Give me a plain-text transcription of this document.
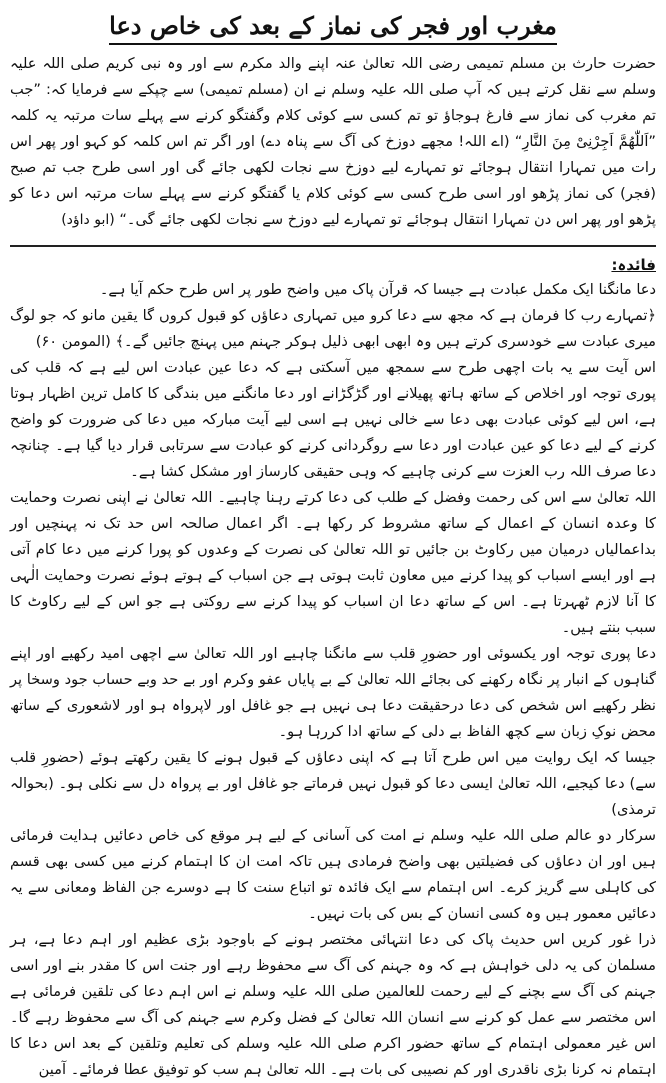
مغرب اور فجر کی نماز کے بعد کی خاص دعا

حضرت حارث بن مسلم تمیمی رضی اللہ تعالیٰ عنہ اپنے والد مکرم سے اور وہ نبی کریم صلی اللہ علیہ وسلم سے نقل کرتے ہیں کہ آپ صلی اللہ علیہ وسلم نے ان (مسلم تمیمی) سے چپکے سے فرمایا کہ: ”جب تم مغرب کی نماز سے فارغ ہوجاؤ تو تم کسی سے کوئی کلام وگفتگو کرنے سے پہلے سات مرتبہ یہ کلمہ ”اَللّٰھُمَّ اَجِرْنِیْ مِنَ النَّارِ“ (اے اللہ! مجھے دوزخ کی آگ سے پناہ دے) اور اگر تم اس کلمہ کو کہو اور پھر اس رات میں تمہارا انتقال ہوجائے تو تمہارے لیے دوزخ سے نجات لکھی جائے گی اور اسی طرح جب تم صبح (فجر) کی نماز پڑھو اور اسی طرح کسی سے کوئی کلام یا گفتگو کرنے سے پہلے سات مرتبہ اس دعا کو پڑھو اور پھر اس دن تمہارا انتقال ہوجائے تو تمہارے لیے دوزخ سے نجات لکھی جائے گی۔“ (ابو داؤد)

فائدہ:

دعا مانگنا ایک مکمل عبادت ہے جیسا کہ قرآن پاک میں واضح طور پر اس طرح حکم آیا ہے۔

﴿تمہارے رب کا فرمان ہے کہ مجھ سے دعا کرو میں تمہاری دعاؤں کو قبول کروں گا یقین مانو کہ جو لوگ میری عبادت سے خودسری کرتے ہیں وہ ابھی ابھی ذلیل ہوکر جہنم میں پہنچ جائیں گے۔﴾ (المومن ۶۰)

اس آیت سے یہ بات اچھی طرح سے سمجھ میں آسکتی ہے کہ دعا عین عبادت اس لیے ہے کہ قلب کی پوری توجہ اور اخلاص کے ساتھ ہاتھ پھیلانے اور گڑگڑانے اور دعا مانگنے میں بندگی کا کامل ترین اظہار ہوتا ہے، اس لیے کوئی عبادت بھی دعا سے خالی نہیں ہے اسی لیے آیت مبارکہ میں دعا کی ضرورت کو واضح کرنے کے لیے دعا کو عین عبادت اور دعا سے روگردانی کرنے کو عبادت سے سرتابی قرار دیا گیا ہے۔ چنانچہ دعا صرف اللہ رب العزت سے کرنی چاہیے کہ وہی حقیقی کارساز اور مشکل کشا ہے۔

اللہ تعالیٰ سے اس کی رحمت وفضل کے طلب کی دعا کرتے رہنا چاہیے۔ اللہ تعالیٰ نے اپنی نصرت وحمایت کا وعدہ انسان کے اعمال کے ساتھ مشروط کر رکھا ہے۔ اگر اعمال صالحہ اس حد تک نہ پہنچیں اور بداعمالیاں درمیان میں رکاوٹ بن جائیں تو اللہ تعالیٰ کی نصرت کے وعدوں کو پورا کرنے میں دعا کام آتی ہے اور ایسے اسباب کو پیدا کرنے میں معاون ثابت ہوتی ہے جن اسباب کے ہوتے ہوئے نصرت وحمایت الٰہی کا آنا لازم ٹھہرتا ہے۔ اس کے ساتھ دعا ان اسباب کو پیدا کرنے سے روکتی ہے جو اس کے لیے رکاوٹ کا سبب بنتے ہیں۔

دعا پوری توجہ اور یکسوئی اور حضورِ قلب سے مانگنا چاہیے اور اللہ تعالیٰ سے اچھی امید رکھیے اور اپنے گناہوں کے انبار پر نگاہ رکھنے کی بجائے اللہ تعالیٰ کے بے پایاں عفو وکرم اور بے حد وبے حساب جود وسخا پر نظر رکھیے اس شخص کی دعا درحقیقت دعا ہی نہیں ہے جو غافل اور لاپرواہ ہو اور لاشعوری کے ساتھ محض نوکِ زبان سے کچھ الفاظ بے دلی کے ساتھ ادا کررہا ہو۔

جیسا کہ ایک روایت میں اس طرح آتا ہے کہ اپنی دعاؤں کے قبول ہونے کا یقین رکھتے ہوئے (حضورِ قلب سے) دعا کیجیے، اللہ تعالیٰ ایسی دعا کو قبول نہیں فرماتے جو غافل اور بے پرواہ دل سے نکلی ہو۔ (بحوالہ ترمذی)

سرکار دو عالم صلی اللہ علیہ وسلم نے امت کی آسانی کے لیے ہر موقع کی خاص دعائیں ہدایت فرمائی ہیں اور ان دعاؤں کی فضیلتیں بھی واضح فرمادی ہیں تاکہ امت ان کا اہتمام کرنے میں کسی بھی قسم کی کاہلی سے گریز کرے۔ اس اہتمام سے ایک فائدہ تو اتباع سنت کا ہے دوسرے جن الفاظ ومعانی سے یہ دعائیں معمور ہیں وہ کسی انسان کے بس کی بات نہیں۔

ذرا غور کریں اس حدیث پاک کی دعا انتہائی مختصر ہونے کے باوجود بڑی عظیم اور اہم دعا ہے، ہر مسلمان کی یہ دلی خواہش ہے کہ وہ جہنم کی آگ سے محفوظ رہے اور جنت اس کا مقدر بنے اور اسی جہنم کی آگ سے بچنے کے لیے رحمت للعالمین صلی اللہ علیہ وسلم نے اس اہم دعا کی تلقین فرمائی ہے اس مختصر سے عمل کو کرنے سے انسان اللہ تعالیٰ کے فضل وکرم سے جہنم کی آگ سے محفوظ رہے گا۔ اس غیر معمولی اہتمام کے ساتھ حضور اکرم صلی اللہ علیہ وسلم کی تعلیم وتلقین کے بعد اس دعا کا اہتمام نہ کرنا بڑی ناقدری اور کم نصیبی کی بات ہے۔ اللہ تعالیٰ ہم سب کو توفیق عطا فرمائے۔ آمین
